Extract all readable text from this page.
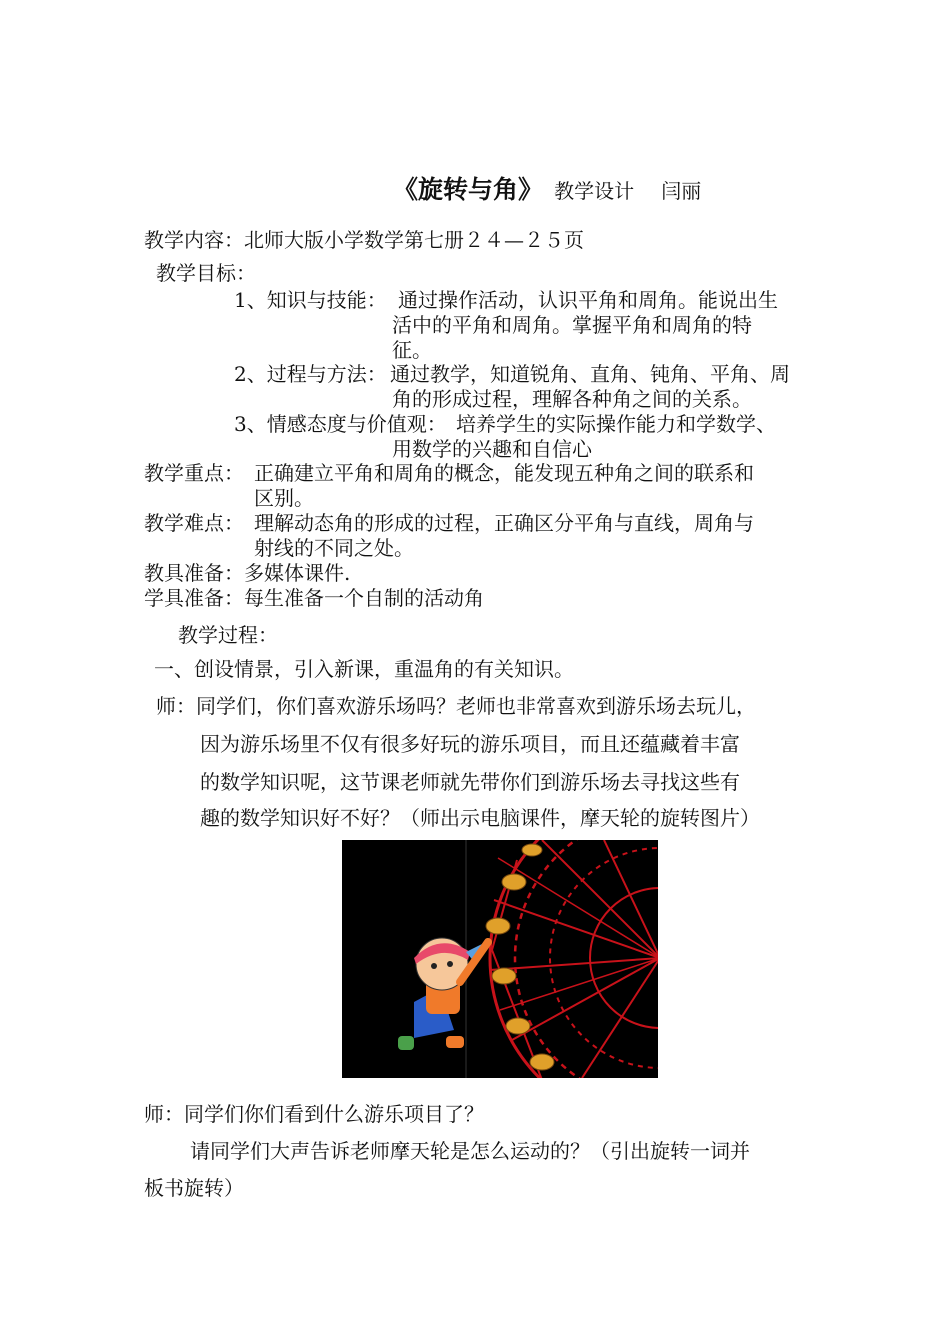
《旋转与角》 教学设计 闫丽
教学内容：北师大版小学数学第七册２４—２５页
教学目标：
1、知识与技能： 通过操作活动，认识平角和周角。能说出生
活中的平角和周角。掌握平角和周角的特
征。
2、过程与方法： 通过教学，知道锐角、直角、钝角、平角、周
角的形成过程，理解各种角之间的关系。
3、情感态度与价值观： 培养学生的实际操作能力和学数学、
用数学的兴趣和自信心
教学重点： 正确建立平角和周角的概念，能发现五种角之间的联系和
区别。
教学难点： 理解动态角的形成的过程，正确区分平角与直线，周角与
射线的不同之处。
教具准备：多媒体课件.
学具准备：每生准备一个自制的活动角
教学过程：
一、创设情景，引入新课，重温角的有关知识。
师：同学们，你们喜欢游乐场吗？老师也非常喜欢到游乐场去玩儿，
因为游乐场里不仅有很多好玩的游乐项目，而且还蕴藏着丰富
的数学知识呢，这节课老师就先带你们到游乐场去寻找这些有
趣的数学知识好不好？（师出示电脑课件，摩天轮的旋转图片）
师：同学们你们看到什么游乐项目了？
请同学们大声告诉老师摩天轮是怎么运动的？（引出旋转一词并
板书旋转）
